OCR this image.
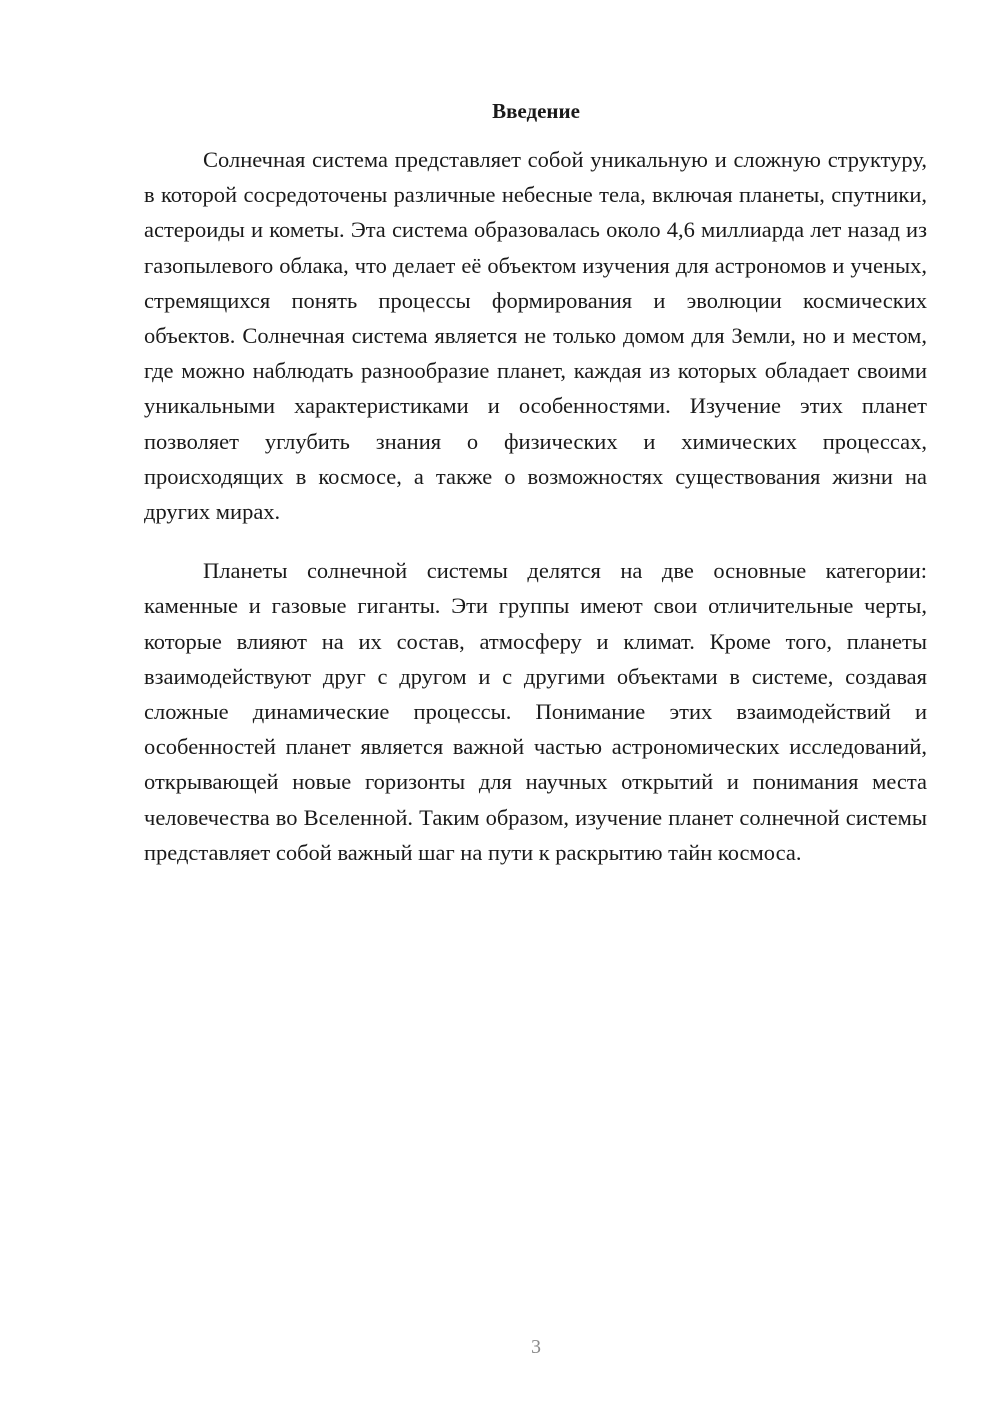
Введение

Солнечная система представляет собой уникальную и сложную структуру, в которой сосредоточены различные небесные тела, включая планеты, спутники, астероиды и кометы. Эта система образовалась около 4,6 миллиарда лет назад из газопылевого облака, что делает её объектом изучения для астрономов и ученых, стремящихся понять процессы формирования и эволюции космических объектов. Солнечная система является не только домом для Земли, но и местом, где можно наблюдать разнообразие планет, каждая из которых обладает своими уникальными характеристиками и особенностями. Изучение этих планет позволяет углубить знания о физических и химических процессах, происходящих в космосе, а также о возможностях существования жизни на других мирах.

Планеты солнечной системы делятся на две основные категории: каменные и газовые гиганты. Эти группы имеют свои отличительные черты, которые влияют на их состав, атмосферу и климат. Кроме того, планеты взаимодействуют друг с другом и с другими объектами в системе, создавая сложные динамические процессы. Понимание этих взаимодействий и особенностей планет является важной частью астрономических исследований, открывающей новые горизонты для научных открытий и понимания места человечества во Вселенной. Таким образом, изучение планет солнечной системы представляет собой важный шаг на пути к раскрытию тайн космоса.

3
